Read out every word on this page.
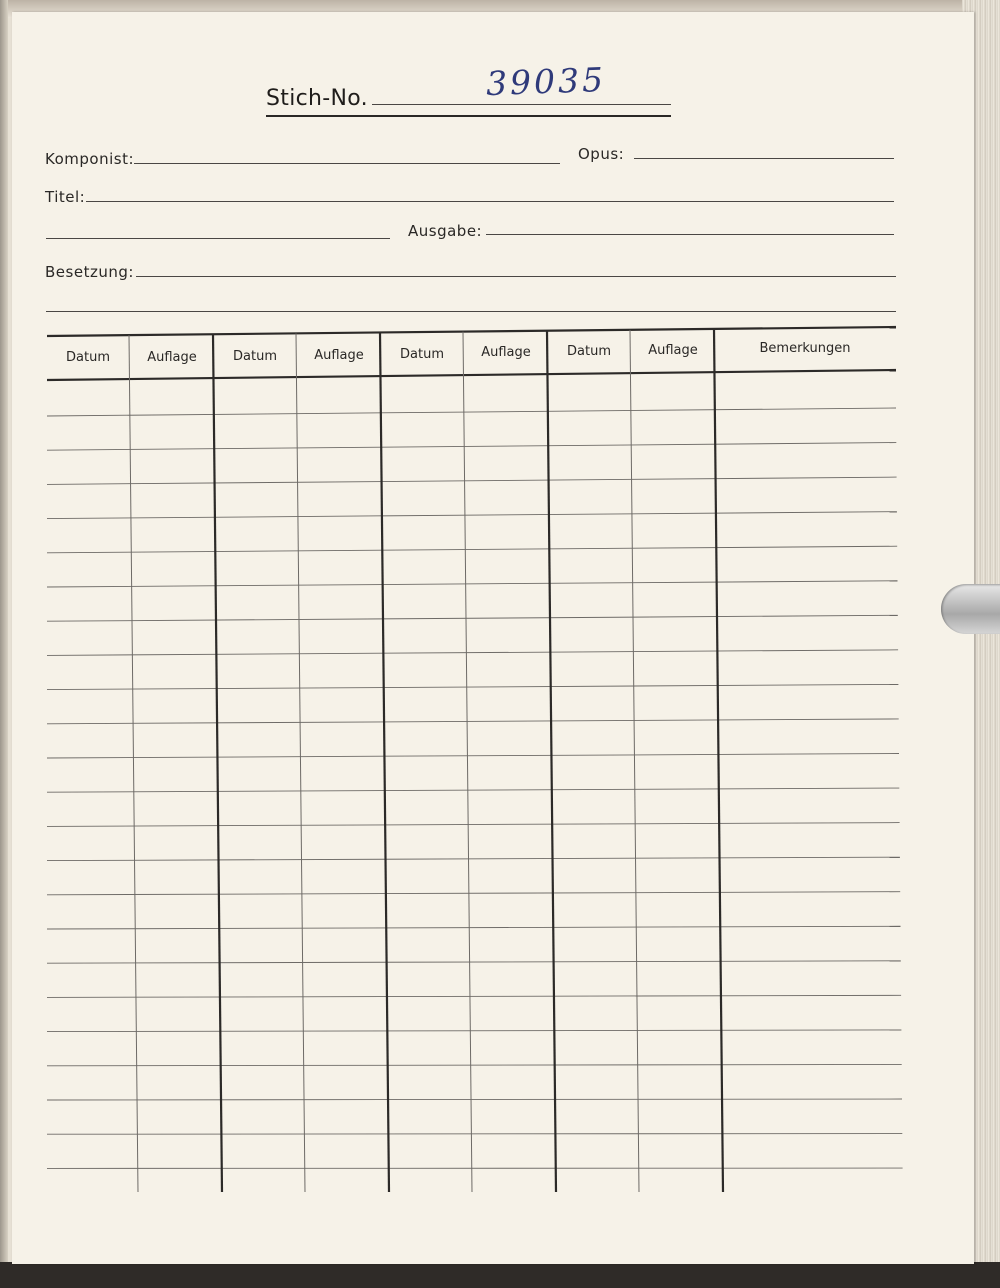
Stich-No.	39035
Komponist:	Opus:
Titel:
Ausgabe:
Besetzung:
Datum	Auflage	Datum	Auflage	Datum	Auflage	Datum	Auflage	Bemerkungen
